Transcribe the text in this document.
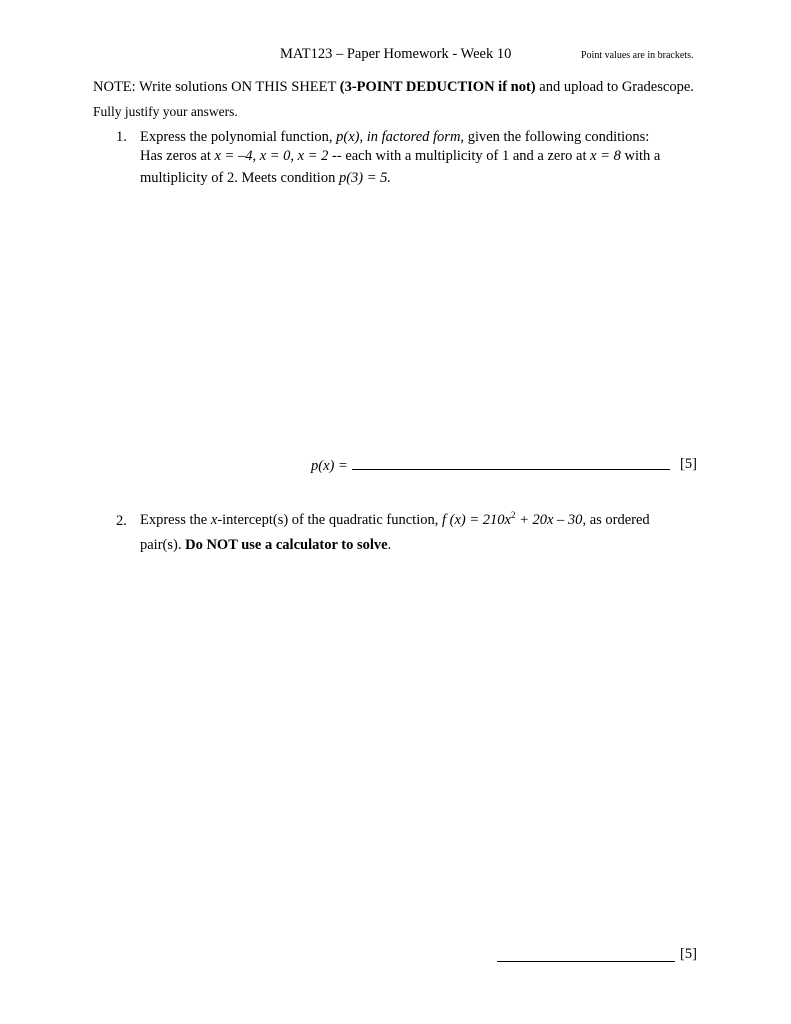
MAT123 – Paper Homework - Week 10	Point values are in brackets.
NOTE: Write solutions ON THIS SHEET (3-POINT DEDUCTION if not) and upload to Gradescope.
Fully justify your answers.
1. Express the polynomial function, p(x), in factored form, given the following conditions:
Has zeros at x = –4, x = 0, x = 2 -- each with a multiplicity of 1 and a zero at x = 8 with a
multiplicity of 2. Meets condition p(3) = 5.
p(x) =	[5]
2. Express the x-intercept(s) of the quadratic function, f $(x) = 210x^2 + 20x - 30$, as ordered
pair(s). Do NOT use a calculator to solve.
[5]
